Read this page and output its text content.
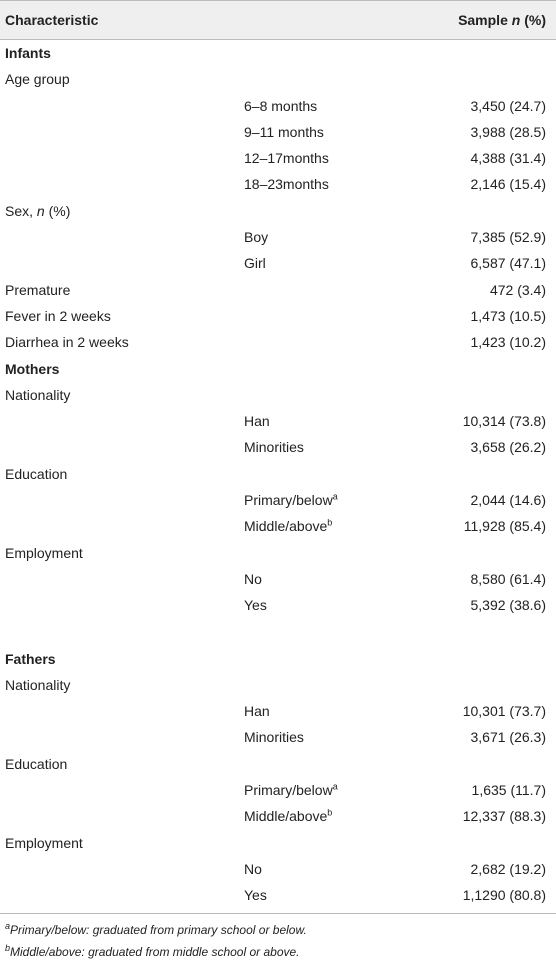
Characteristic	Sample n (%)
Infants
Age group
6–8 months	3,450 (24.7)
9–11 months	3,988 (28.5)
12–17months	4,388 (31.4)
18–23months	2,146 (15.4)
Sex, n (%)
Boy	7,385 (52.9)
Girl	6,587 (47.1)
Premature	472 (3.4)
Fever in 2 weeks	1,473 (10.5)
Diarrhea in 2 weeks	1,423 (10.2)
Mothers
Nationality
Han	10,314 (73.8)
Minorities	3,658 (26.2)
Education
Primary/below$^a$	2,044 (14.6)
Middle/above$^b$	11,928 (85.4)
Employment
No	8,580 (61.4)
Yes	5,392 (38.6)
Fathers
Nationality
Han	10,301 (73.7)
Minorities	3,671 (26.3)
Education
Primary/below$^a$	1,635 (11.7)
Middle/above$^b$	12,337 (88.3)
Employment
No	2,682 (19.2)
Yes	1,1290 (80.8)
$^a$Primary/below: graduated from primary school or below.
$^b$Middle/above: graduated from middle school or above.
